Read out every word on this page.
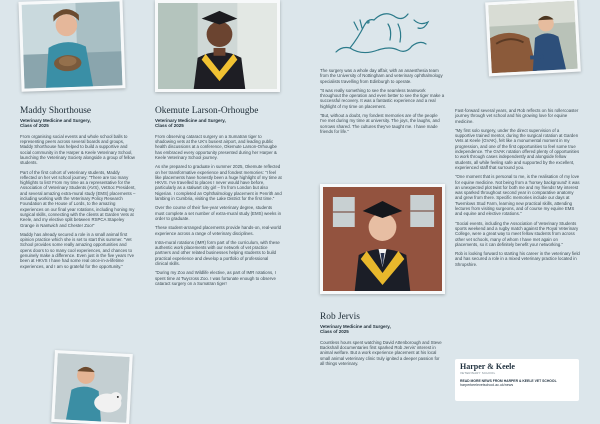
Maddy Shorthouse
Veterinary Medicine and Surgery,
Class of 2025

From organising social events and whole school balls to representing peers across several boards and groups, Maddy Shorthouse has helped to build a supportive and social community in the Harper & Keele Veterinary School, launching the Veterinary Society alongside a group of fellow students.

Part of the first cohort of veterinary students, Maddy reflected on her vet school journey: "There are too many highlights to list! From my time as a representative for the Association of Veterinary Students (AVS), VetSoc President, and several amazing extra-mural study (EMS) placements – including working with the Veterinary Policy Research Foundation at the House of Lords, to the amazing experiences on our final year rotations, including honing my surgical skills, connecting with the clients at Garden Vets at Keele, and my elective split between RSPCA Stapeley Grange in Nantwich and Chester Zoo!"

Maddy has already secured a role in a small animal first opinion practice which she is set to start this summer. "Vet School provides some really amazing opportunities and opens doors to so many cool experiences, and chances to genuinely make a difference. Even just in the five years I've been at HKVS I have had some real once-in-a-lifetime experiences, and I am so grateful for the opportunity."

Okemute Larson-Orhougbe
Veterinary Medicine and Surgery,
Class of 2025

From observing cataract surgery on a Sumatran tiger to shadowing vets at the UK's busiest airport, and leading public health discussions at a conference, Okemute Larson-Orhougbe has embraced every opportunity presented during her Harper & Keele Veterinary School journey.

As she prepared to graduate in summer 2025, Okemute reflected on her transformative experience and fondest memories: "I feel like placements have honestly been a huge highlight of my time at HKVS. I've travelled to places I never would have before, particularly as a stalwart city girl – fm from London but also Nigerian. I completed an Ophthalmology placement in Penrith and lambing in Cumbria, visiting the Lake District for the first time."

Over the course of their five-year veterinary degree, students must complete a set number of extra-mural study (EMS) weeks in order to graduate.

These student-arranged placements provide hands-on, real-world experience across a range of veterinary disciplines.

Intra-mural rotations (IMR) form part of the curriculum, with these authentic work placements with our network of vet practice partners and other related businesses helping students to build practical experience and develop a portfolio of professional clinical skills.

"During my Zoo and Wildlife elective, as part of IMR rotations, I spent time at Twycross Zoo. I was fortunate enough to observe cataract surgery on a Sumatran tiger!

The surgery was a whole day affair, with an anaesthesia team from the University of Nottingham and veterinary ophthalmology specialists travelling from Edinburgh to operate.

"It was really something to see the seamless teamwork throughout the operation and even better to see the tiger make a successful recovery. It was a fantastic experience and a real highlight of my time on placement.

"But, without a doubt, my fondest memories are of the people I've met during my time at university. The joys, the laughs, and sorrows shared. The cultures they've taught me. I have made friends for life."

Rob Jervis
Veterinary Medicine and Surgery,
Class of 2025

Countless hours spent watching David Attenborough and Steve Backshall documentaries first sparked Rob Jervis' interest in animal welfare. But a work experience placement at his local small animal veterinary clinic truly ignited a deeper passion for all things veterinary.

Fast-forward several years, and Rob reflects on his rollercoaster journey through vet school and his growing love for equine medicine.

"My first solo surgery, under the direct supervision of a supportive trained mentor, during the surgical rotation at Garden Vets at Keele (GVAK), felt like a monumental moment in my progression, and one of the first opportunities to feel some true independence. The GVAK rotation offered plenty of opportunities to work through cases independently and alongside fellow students, all while feeling safe and supported by the excellent, experienced staff that surround you.

"One moment that is personal to me, is the realisation of my love for equine medicine. Not being from a 'horsey background' it was an unexpected plot twist for both me and my friends! My interest was sparked throughout second year in comparative anatomy and grew from there. Specific memories include our days at Twemlows Stud Farm, learning new practical skills, attending lectures from visiting surgeons, and of course my equine EMS and equine and elective rotations."

"Social events, including the Association of Veterinary Students sports weekend and a rugby match against the Royal Veterinary College, were a great way to meet fellow students from across other vet schools, many of whom I have met again on placements, so it can definitely benefit your networking."

Rob is looking forward to starting his career in the veterinary field and has secured a role in a mixed veterinary practice located in Shropshire.

Harper & Keele
VETERINARY SCHOOL
READ MORE NEWS FROM HARPER & KEELE VET SCHOOL
harperkeelevetschool.ac.uk/news
